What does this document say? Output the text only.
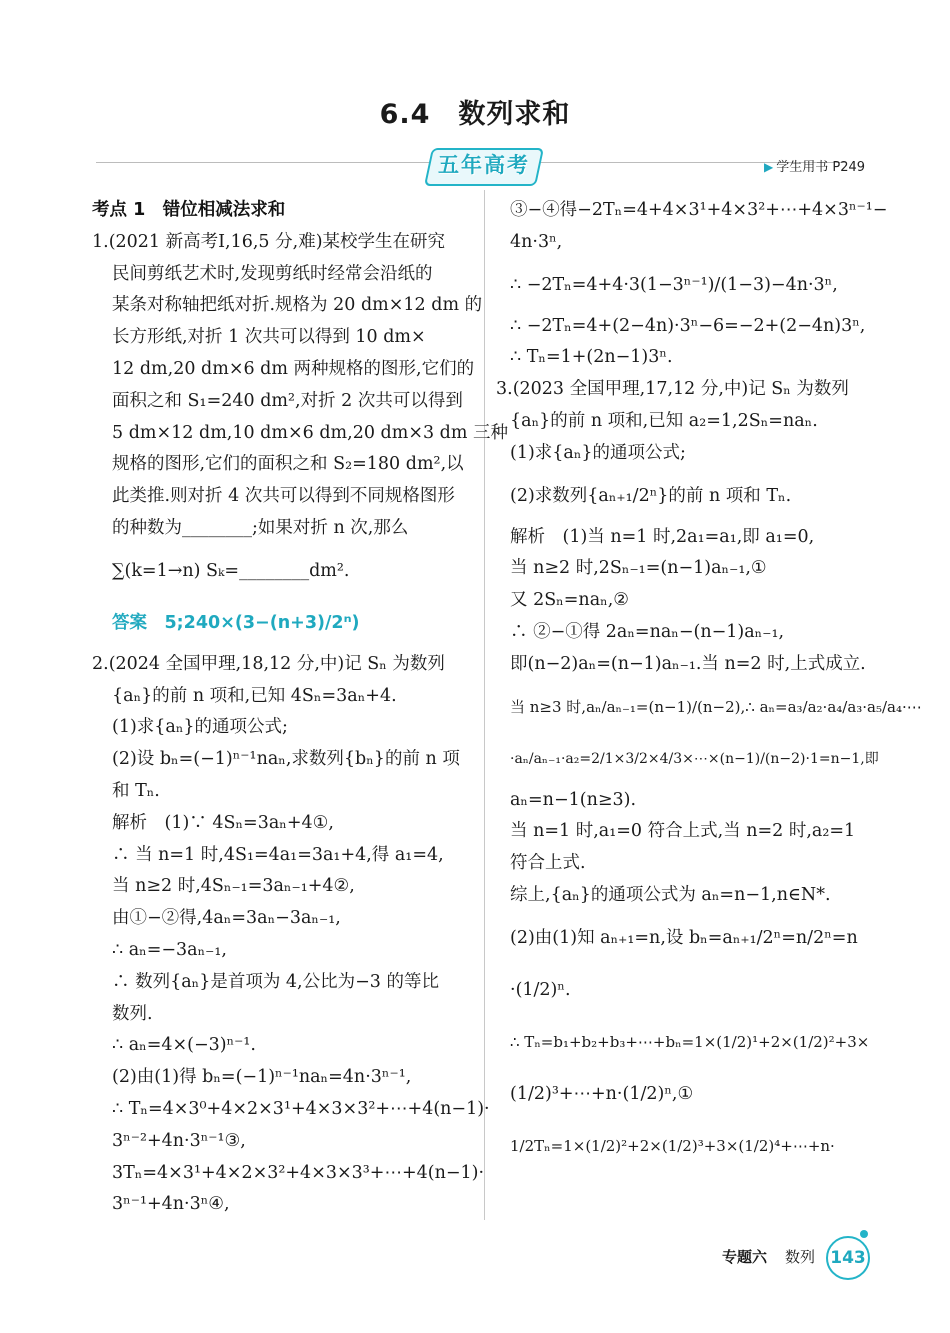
6.4　数列求和
五年高考	▶ 学生用书 P249
考点 1　错位相减法求和
1.(2021 新高考Ⅰ,16,5 分,难)某校学生在研究
民间剪纸艺术时,发现剪纸时经常会沿纸的
某条对称轴把纸对折.规格为 20 dm×12 dm 的
长方形纸,对折 1 次共可以得到 10 dm×
12 dm,20 dm×6 dm 两种规格的图形,它们的
面积之和 S₁=240 dm²,对折 2 次共可以得到
5 dm×12 dm,10 dm×6 dm,20 dm×3 dm 三种
规格的图形,它们的面积之和 S₂=180 dm²,以
此类推.则对折 4 次共可以得到不同规格图形
的种数为________;如果对折 n 次,那么
∑(k=1→n) Sₖ=________dm².
答案　5;240×(3−(n+3)/2ⁿ)
2.(2024 全国甲理,18,12 分,中)记 Sₙ 为数列
{aₙ}的前 n 项和,已知 4Sₙ=3aₙ+4.
(1)求{aₙ}的通项公式;
(2)设 bₙ=(−1)ⁿ⁻¹naₙ,求数列{bₙ}的前 n 项
和 Tₙ.
解析　(1)∵ 4Sₙ=3aₙ+4①,
∴ 当 n=1 时,4S₁=4a₁=3a₁+4,得 a₁=4,
当 n≥2 时,4Sₙ₋₁=3aₙ₋₁+4②,
由①−②得,4aₙ=3aₙ−3aₙ₋₁,
∴ aₙ=−3aₙ₋₁,
∴ 数列{aₙ}是首项为 4,公比为−3 的等比
数列.
∴ aₙ=4×(−3)ⁿ⁻¹.
(2)由(1)得 bₙ=(−1)ⁿ⁻¹naₙ=4n·3ⁿ⁻¹,
∴ Tₙ=4×3⁰+4×2×3¹+4×3×3²+⋯+4(n−1)·
3ⁿ⁻²+4n·3ⁿ⁻¹③,
3Tₙ=4×3¹+4×2×3²+4×3×3³+⋯+4(n−1)·
3ⁿ⁻¹+4n·3ⁿ④,
③−④得−2Tₙ=4+4×3¹+4×3²+⋯+4×3ⁿ⁻¹−
4n·3ⁿ,
∴ −2Tₙ=4+4·3(1−3ⁿ⁻¹)/(1−3)−4n·3ⁿ,
∴ −2Tₙ=4+(2−4n)·3ⁿ−6=−2+(2−4n)3ⁿ,
∴ Tₙ=1+(2n−1)3ⁿ.
3.(2023 全国甲理,17,12 分,中)记 Sₙ 为数列
{aₙ}的前 n 项和,已知 a₂=1,2Sₙ=naₙ.
(1)求{aₙ}的通项公式;
(2)求数列{aₙ₊₁/2ⁿ}的前 n 项和 Tₙ.
解析　(1)当 n=1 时,2a₁=a₁,即 a₁=0,
当 n≥2 时,2Sₙ₋₁=(n−1)aₙ₋₁,①
又 2Sₙ=naₙ,②
∴ ②−①得 2aₙ=naₙ−(n−1)aₙ₋₁,
即(n−2)aₙ=(n−1)aₙ₋₁.当 n=2 时,上式成立.
当 n≥3 时,aₙ/aₙ₋₁=(n−1)/(n−2),∴ aₙ=a₃/a₂·a₄/a₃·a₅/a₄·⋯
·aₙ/aₙ₋₁·a₂=2/1×3/2×4/3×⋯×(n−1)/(n−2)·1=n−1,即
aₙ=n−1(n≥3).
当 n=1 时,a₁=0 符合上式,当 n=2 时,a₂=1
符合上式.
综上,{aₙ}的通项公式为 aₙ=n−1,n∈N*.
(2)由(1)知 aₙ₊₁=n,设 bₙ=aₙ₊₁/2ⁿ=n/2ⁿ=n
·(1/2)ⁿ.
∴ Tₙ=b₁+b₂+b₃+⋯+bₙ=1×(1/2)¹+2×(1/2)²+3×
(1/2)³+⋯+n·(1/2)ⁿ,①
1/2Tₙ=1×(1/2)²+2×(1/2)³+3×(1/2)⁴+⋯+n·
专题六 数列 143
